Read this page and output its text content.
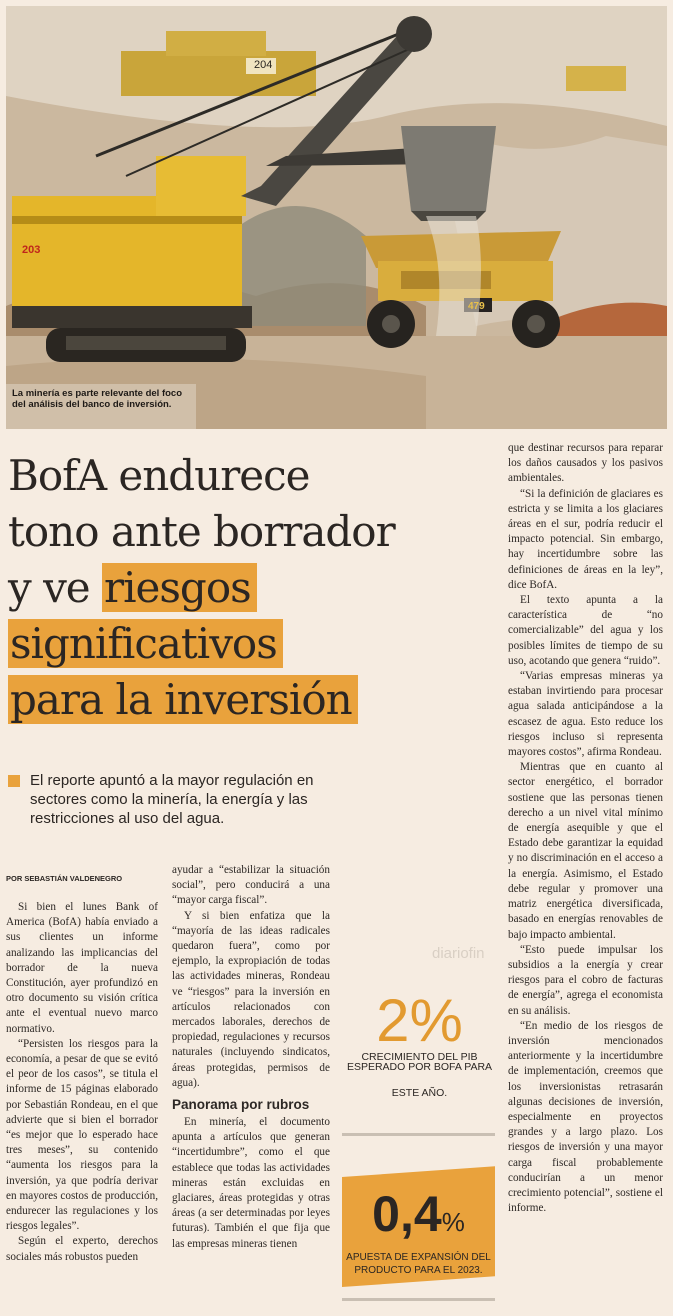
204
203
479
La minería es parte relevante del foco del análisis del banco de inversión.
BofA endurece
tono ante borrador
y ve riesgos
significativos
para la inversión
El reporte apuntó a la mayor regulación en sectores como la minería, la energía y las restricciones al uso del agua.
POR SEBASTIÁN VALDENEGRO

Si bien el lunes Bank of America (BofA) había enviado a sus clientes un informe analizando las implicancias del borrador de la nueva Constitución, ayer profundizó en otro documento su visión crítica ante el eventual nuevo marco normativo.

“Persisten los riesgos para la economía, a pesar de que se evitó el peor de los casos”, se titula el informe de 15 páginas elaborado por Sebastián Rondeau, en el que advierte que si bien el borrador “es mejor que lo esperado hace tres meses”, su contenido “aumenta los riesgos para la inversión, ya que podría derivar en mayores costos de producción, endurecer las regulaciones y los riesgos legales”.

Según el experto, derechos sociales más robustos pueden

ayudar a “estabilizar la situación social”, pero conducirá a una “mayor carga fiscal”.

Y si bien enfatiza que la “mayoría de las ideas radicales quedaron fuera”, como por ejemplo, la expropiación de todas las actividades mineras, Rondeau ve “riesgos” para la inversión en artículos relacionados con mercados laborales, derechos de propiedad, regulaciones y recursos naturales (incluyendo sindicatos, áreas protegidas, permisos de agua).

Panorama por rubros

En minería, el documento apunta a artículos que generan “incertidumbre”, como el que establece que todas las actividades mineras están excluidas en glaciares, áreas protegidas y otras áreas (a ser determinadas por leyes futuras). También el que fija que las empresas mineras tienen

2%
CRECIMIENTO DEL PIB
ESPERADO POR BOFA PARA
ESTE AÑO.
0,4%
APUESTA DE EXPANSIÓN DEL PRODUCTO PARA EL 2023.

que destinar recursos para reparar los daños causados y los pasivos ambientales.

“Si la definición de glaciares es estricta y se limita a los glaciares áreas en el sur, podría reducir el impacto potencial. Sin embargo, hay incertidumbre sobre las definiciones de áreas en la ley”, dice BofA.

El texto apunta a la característica de “no comercializable” del agua y los posibles límites de tiempo de su uso, acotando que genera “ruido”.

“Varias empresas mineras ya estaban invirtiendo para procesar agua salada anticipándose a la escasez de agua. Esto reduce los riesgos incluso si representa mayores costos”, afirma Rondeau.

Mientras que en cuanto al sector energético, el borrador sostiene que las personas tienen derecho a un nivel vital mínimo de energía asequible y que el Estado debe garantizar la equidad y no discriminación en el acceso a la energía. Asimismo, el Estado debe regular y promover una matriz energética diversificada, basado en energías renovables de bajo impacto ambiental.

“Esto puede impulsar los subsidios a la energía y crear riesgos para el cobro de facturas de energía”, agrega el economista en su análisis.

“En medio de los riesgos de inversión mencionados anteriormente y la incertidumbre de implementación, creemos que los inversionistas retrasarán algunas decisiones de inversión, especialmente en proyectos grandes y a largo plazo. Los riesgos de inversión y una mayor carga fiscal probablemente conducirían a un menor crecimiento potencial”, sostiene el informe.

diariofin
